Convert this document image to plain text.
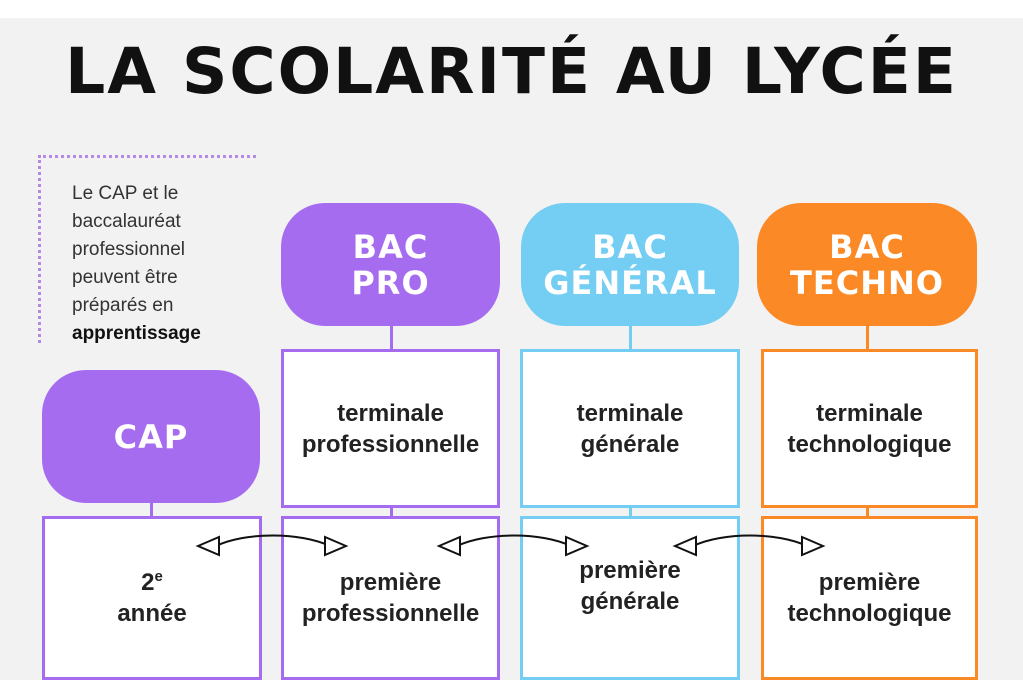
LA SCOLARITÉ AU LYCÉE
Le CAP et le baccalauréat professionnel peuvent être préparés en apprentissage
CAP
2e
année
BAC
PRO
terminale
professionnelle
première
professionnelle
BAC
GÉNÉRAL
terminale
générale
première
générale
BAC
TECHNO
terminale
technologique
première
technologique
